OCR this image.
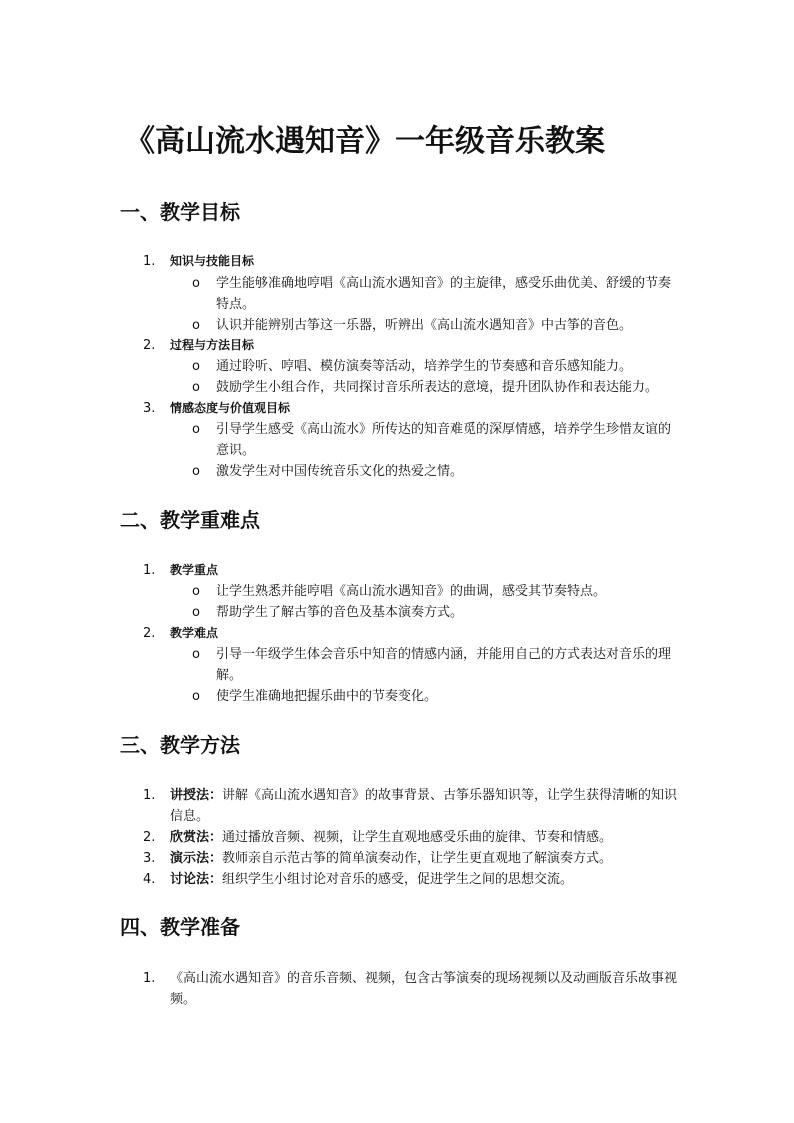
《高山流水遇知音》一年级音乐教案
一、教学目标
1.	知识与技能目标
o	学生能够准确地哼唱《高山流水遇知音》的主旋律，感受乐曲优美、舒缓的节奏特点。
o	认识并能辨别古筝这一乐器，听辨出《高山流水遇知音》中古筝的音色。
2.	过程与方法目标
o	通过聆听、哼唱、模仿演奏等活动，培养学生的节奏感和音乐感知能力。
o	鼓励学生小组合作，共同探讨音乐所表达的意境，提升团队协作和表达能力。
3.	情感态度与价值观目标
o	引导学生感受《高山流水》所传达的知音难觅的深厚情感，培养学生珍惜友谊的意识。
o	激发学生对中国传统音乐文化的热爱之情。
二、教学重难点
1.	教学重点
o	让学生熟悉并能哼唱《高山流水遇知音》的曲调，感受其节奏特点。
o	帮助学生了解古筝的音色及基本演奏方式。
2.	教学难点
o	引导一年级学生体会音乐中知音的情感内涵，并能用自己的方式表达对音乐的理解。
o	使学生准确地把握乐曲中的节奏变化。
三、教学方法
1.	讲授法：讲解《高山流水遇知音》的故事背景、古筝乐器知识等，让学生获得清晰的知识信息。
2.	欣赏法：通过播放音频、视频，让学生直观地感受乐曲的旋律、节奏和情感。
3.	演示法：教师亲自示范古筝的简单演奏动作，让学生更直观地了解演奏方式。
4.	讨论法：组织学生小组讨论对音乐的感受，促进学生之间的思想交流。
四、教学准备
1.	《高山流水遇知音》的音乐音频、视频，包含古筝演奏的现场视频以及动画版音乐故事视频。
